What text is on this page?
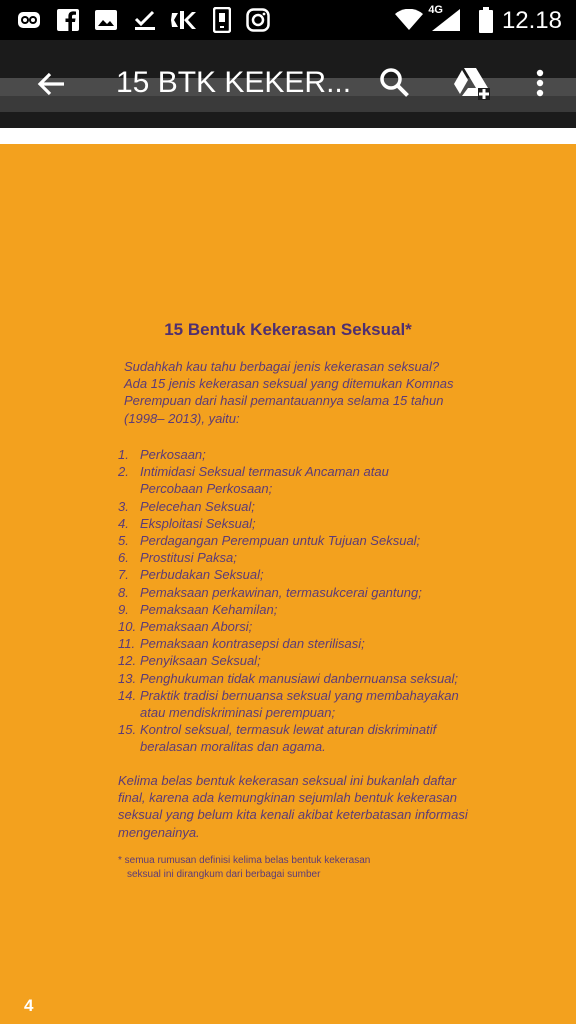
4G 12.18
15 BTK KEKER...
15 Bentuk Kekerasan Seksual*
Sudahkah kau tahu berbagai jenis kekerasan seksual?
Ada 15 jenis kekerasan seksual yang ditemukan Komnas
Perempuan dari hasil pemantauannya selama 15 tahun
(1998– 2013), yaitu:
1. Perkosaan;
2. Intimidasi Seksual termasuk Ancaman atau
Percobaan Perkosaan;
3. Pelecehan Seksual;
4. Eksploitasi Seksual;
5. Perdagangan Perempuan untuk Tujuan Seksual;
6. Prostitusi Paksa;
7. Perbudakan Seksual;
8. Pemaksaan perkawinan, termasukcerai gantung;
9. Pemaksaan Kehamilan;
10. Pemaksaan Aborsi;
11. Pemaksaan kontrasepsi dan sterilisasi;
12. Penyiksaan Seksual;
13. Penghukuman tidak manusiawi danbernuansa seksual;
14. Praktik tradisi bernuansa seksual yang membahayakan
atau mendiskriminasi perempuan;
15. Kontrol seksual, termasuk lewat aturan diskriminatif
beralasan moralitas dan agama.
Kelima belas bentuk kekerasan seksual ini bukanlah daftar
final, karena ada kemungkinan sejumlah bentuk kekerasan
seksual yang belum kita kenali akibat keterbatasan informasi
mengenainya.
* semua rumusan definisi kelima belas bentuk kekerasan
seksual ini dirangkum dari berbagai sumber
4
